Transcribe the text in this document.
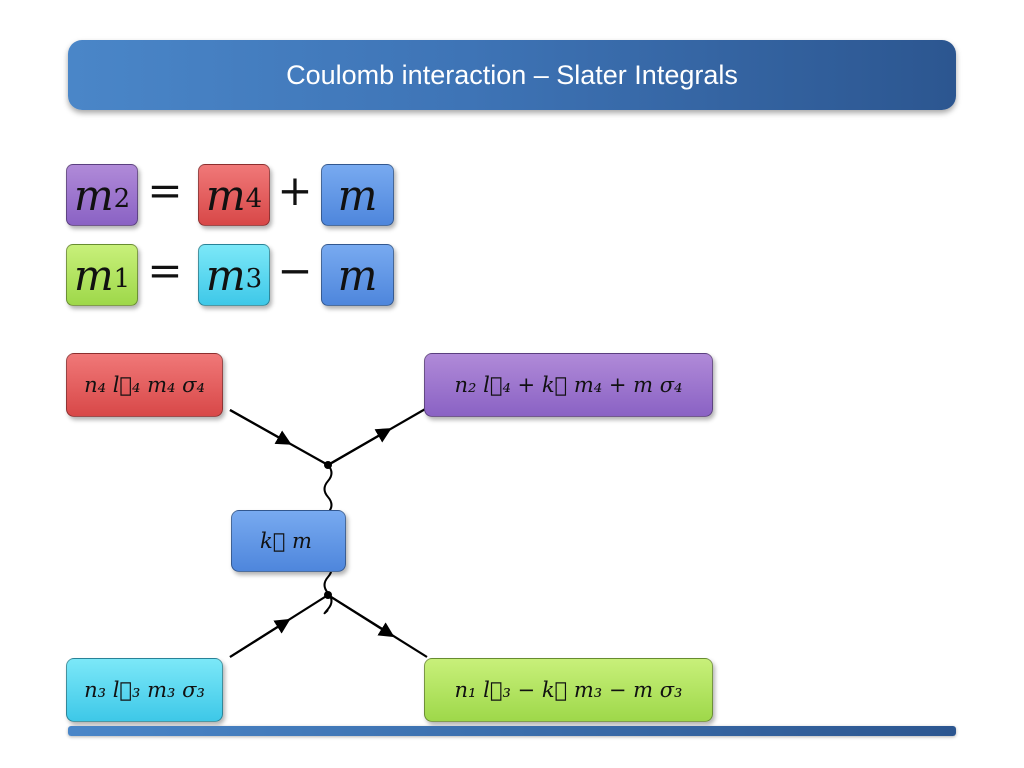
Coulomb interaction – Slater Integrals
$m_2 = m_4 + m$
$m_1 = m_3 - m$
n₄ l⃗₄ m₄ σ₄	n₂ l⃗₄ + k⃗ m₄ + m σ₄
k⃗ m
n₃ l⃗₃ m₃ σ₃	n₁ l⃗₃ − k⃗ m₃ − m σ₃
